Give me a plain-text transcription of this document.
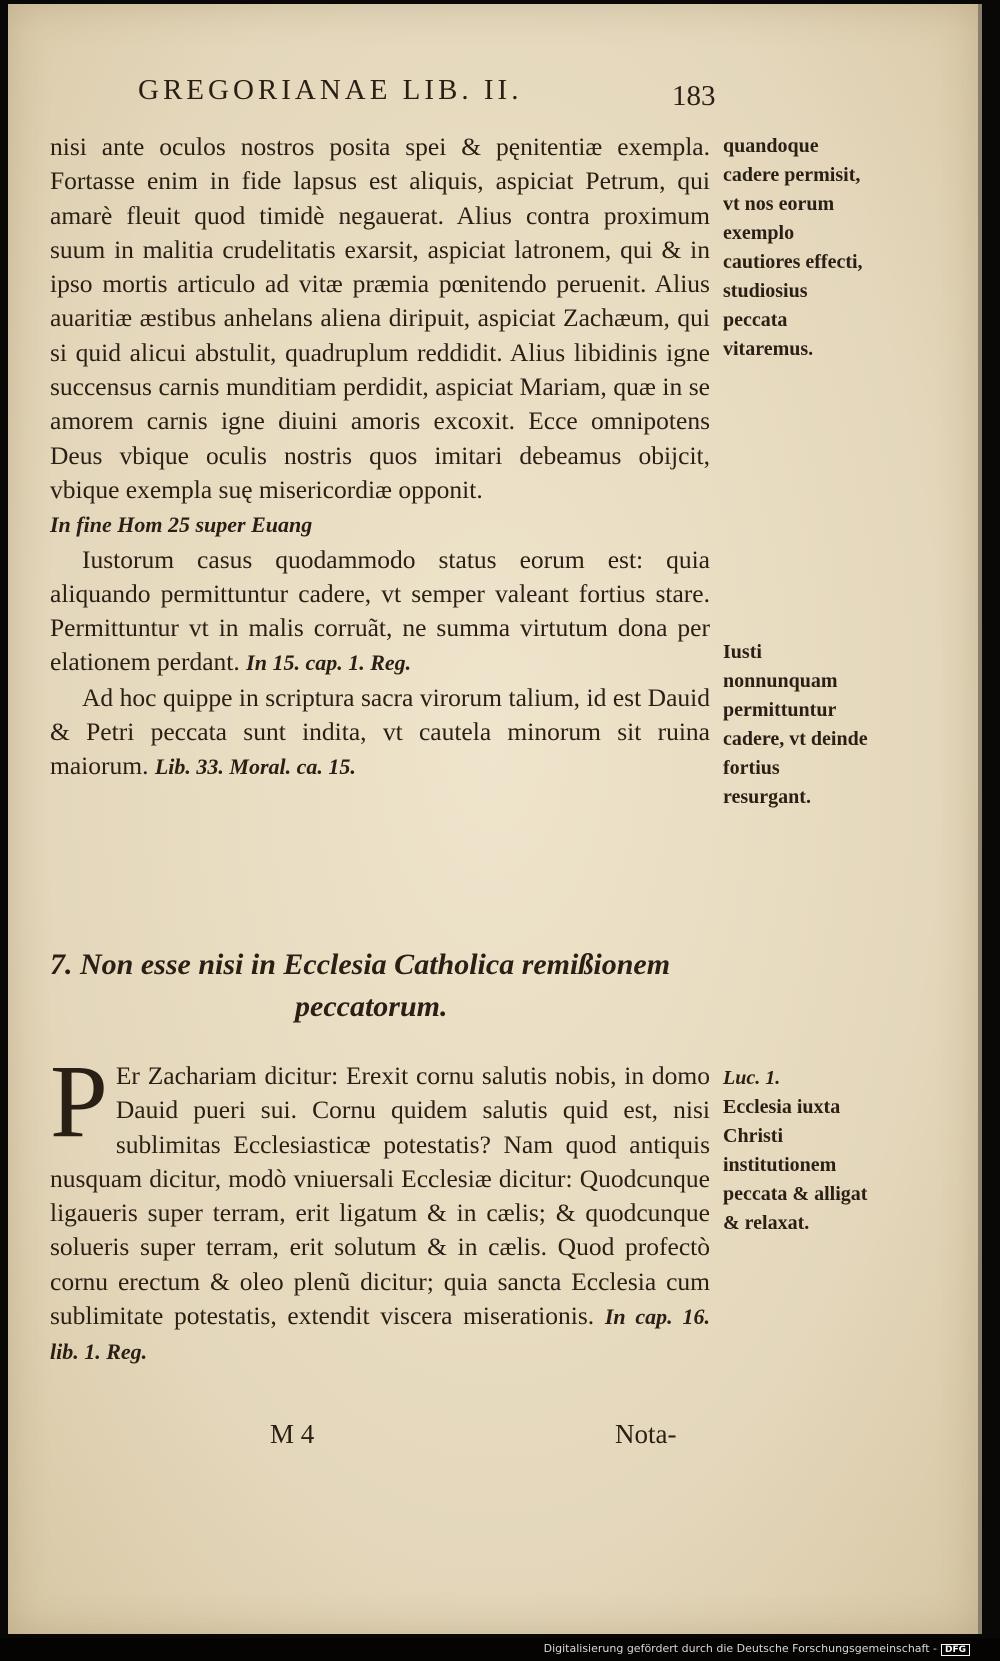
GREGORIANAE LIB. II.	183

nisi ante oculos nostros posita spei & pęnitentiæ exempla. Fortasse enim in fide lapsus est aliquis, aspiciat Petrum, qui amarè fleuit quod timidè negauerat. Alius contra proximum suum in malitia crudelitatis exarsit, aspiciat latronem, qui & in ipso mortis articulo ad vitæ præmia pœnitendo peruenit. Alius auaritiæ æstibus anhelans aliena diripuit, aspiciat Zachæum, qui si quid alicui abstulit, quadruplum reddidit. Alius libidinis igne succensus carnis munditiam perdidit, aspiciat Mariam, quæ in se amorem carnis igne diuini amoris excoxit. Ecce omnipotens Deus vbique oculis nostris quos imitari debeamus obijcit, vbique exempla suę misericordiæ opponit.
In fine Hom 25 super Euang

Iustorum casus quodammodo status eorum est: quia aliquando permittuntur cadere, vt semper valeant fortius stare. Permittuntur vt in malis corruãt, ne summa virtutum dona per elationem perdant. In 15. cap. 1. Reg.

Ad hoc quippe in scriptura sacra virorum talium, id est Dauid & Petri peccata sunt indita, vt cautela minorum sit ruina maiorum. Lib. 33. Moral. ca. 15.

7. Non esse nisi in Ecclesia Catholica remißionem
peccatorum.
P Er Zachariam dicitur: Erexit cornu salutis nobis, in domo Dauid pueri sui. Cornu quidem salutis quid est, nisi sublimitas Ecclesiasticæ potestatis? Nam quod antiquis nusquam dicitur, modò vniuersali Ecclesiæ dicitur: Quodcunque ligaueris super terram, erit ligatum & in cælis; & quodcunque solueris super terram, erit solutum & in cælis. Quod profectò cornu erectum & oleo plenũ dicitur; quia sancta Ecclesia cum sublimitate potestatis, extendit viscera miserationis. In cap. 16. lib. 1. Reg.
quandoque cadere permisit, vt nos eorum exemplo cautiores effecti, studiosius peccata vitaremus.
Iusti nonnunquam permittuntur cadere, vt deinde fortius resurgant.
Luc. 1.
Ecclesia iuxta Christi institutionem peccata & alligat & relaxat.
M 4	Nota-
Digitalisierung gefördert durch die Deutsche Forschungsgemeinschaft - DFG
